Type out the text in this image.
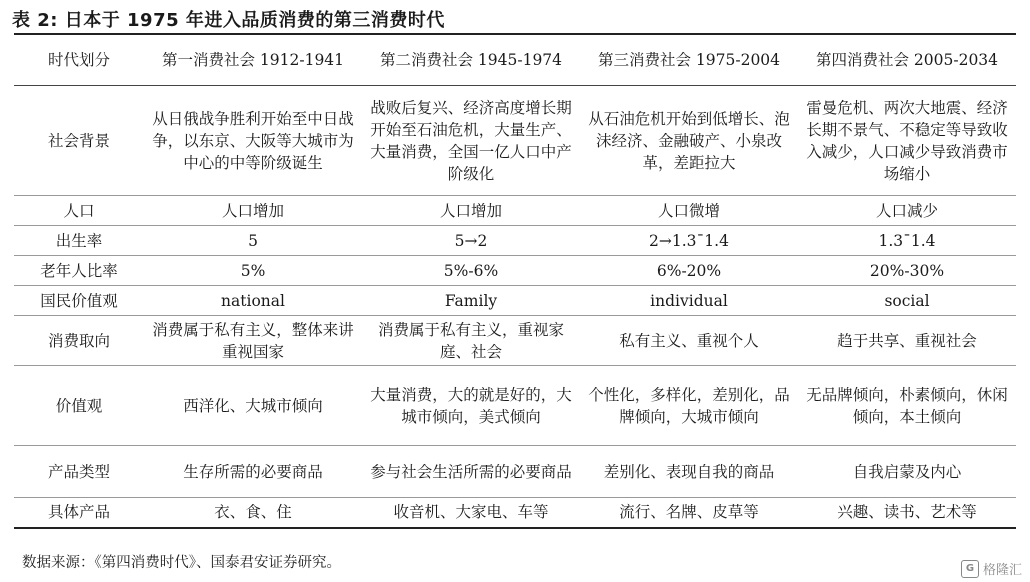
表 2: 日本于 1975 年进入品质消费的第三消费时代
时代划分	第一消费社会 1912-1941	第二消费社会 1945-1974	第三消费社会 1975-2004	第四消费社会 2005-2034
社会背景	从日俄战争胜利开始至中日战争，以东京、大阪等大城市为中心的中等阶级诞生	战败后复兴、经济高度增长期开始至石油危机，大量生产、大量消费，全国一亿人口中产阶级化	从石油危机开始到低增长、泡沫经济、金融破产、小泉改革，差距拉大	雷曼危机、两次大地震、经济长期不景气、不稳定等导致收入减少，人口减少导致消费市场缩小
人口	人口增加	人口增加	人口微增	人口减少
出生率	5	5→2	2→1.3¯1.4	1.3¯1.4
老年人比率	5%	5%-6%	6%-20%	20%-30%
国民价值观	national	Family	individual	social
消费取向	消费属于私有主义，整体来讲重视国家	消费属于私有主义，重视家庭、社会	私有主义、重视个人	趋于共享、重视社会
价值观	西洋化、大城市倾向	大量消费，大的就是好的，大城市倾向，美式倾向	个性化，多样化，差别化，品牌倾向，大城市倾向	无品牌倾向，朴素倾向，休闲倾向，本土倾向
产品类型	生存所需的必要商品	参与社会生活所需的必要商品	差别化、表现自我的商品	自我启蒙及内心
具体产品	衣、食、住	收音机、大家电、车等	流行、名牌、皮草等	兴趣、读书、艺术等
数据来源：《第四消费时代》、国泰君安证券研究。	G 格隆汇
